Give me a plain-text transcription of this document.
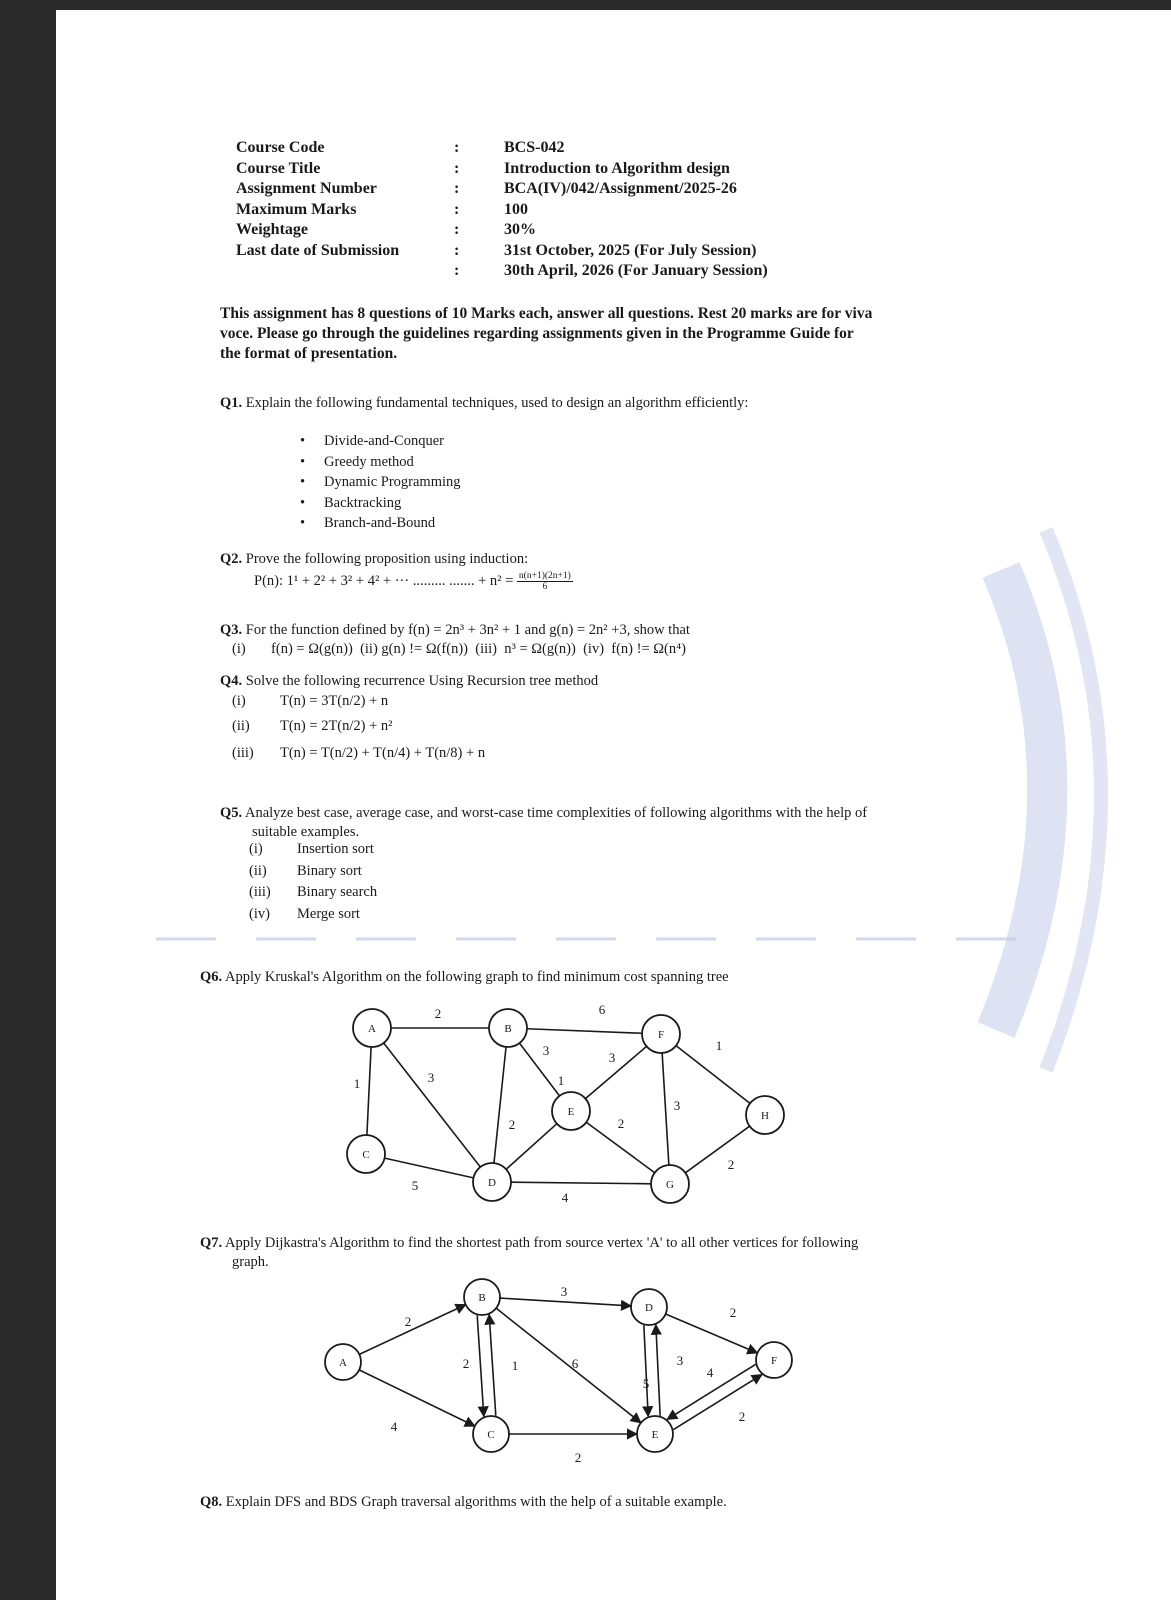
Course Code	:	BCS-042
Course Title	:	Introduction to Algorithm design
Assignment Number	:	BCA(IV)/042/Assignment/2025-26
Maximum Marks	:	100
Weightage	:	30%
Last date of Submission	:	31st October, 2025 (For July Session)
:	30th April, 2026 (For January Session)
This assignment has 8 questions of 10 Marks each, answer all questions. Rest 20 marks are for viva
voce. Please go through the guidelines regarding assignments given in the Programme Guide for
the format of presentation.
Q1. Explain the following fundamental techniques, used to design an algorithm efficiently:
• Divide-and-Conquer
• Greedy method
• Dynamic Programming
• Backtracking
• Branch-and-Bound
Q2. Prove the following proposition using induction:
P(n): 1¹ + 2² + 3² + 4² + ··· ......... ....... + $n^2 = \frac{n(n+1)(2n+1)}{6}$
Q3. For the function defined by f(n) = 2n³ + 3n² + 1 and g(n) = 2n² +3, show that
(i)       f(n) = Ω(g(n))  (ii) g(n) != Ω(f(n))  (iii)  n³ = Ω(g(n))  (iv)  f(n) != Ω(n⁴)
Q4. Solve the following recurrence Using Recursion tree method
(i) T(n) = 3T(n/2) + n
(ii) T(n) = 2T(n/2) + n²
(iii) T(n) = T(n/2) + T(n/4) + T(n/8) + n
Q5. Analyze best case, average case, and worst-case time complexities of following algorithms with the help of
suitable examples.
(i) Insertion sort
(ii) Binary sort
(iii) Binary search
(iv) Merge sort
Q6. Apply Kruskal's Algorithm on the following graph to find minimum cost spanning tree
2
1	3
6
3
2
3
1
2
5
4
3
1
2
A	B
C
D
E
F
G
H
Q7. Apply Dijkastra's Algorithm to find the shortest path from source vertex 'A' to all other vertices for following
graph.
2
4
3
2	1	6
2
5
3
2
4
2
A
B
C
D
E
F
Q8. Explain DFS and BDS Graph traversal algorithms with the help of a suitable example.
